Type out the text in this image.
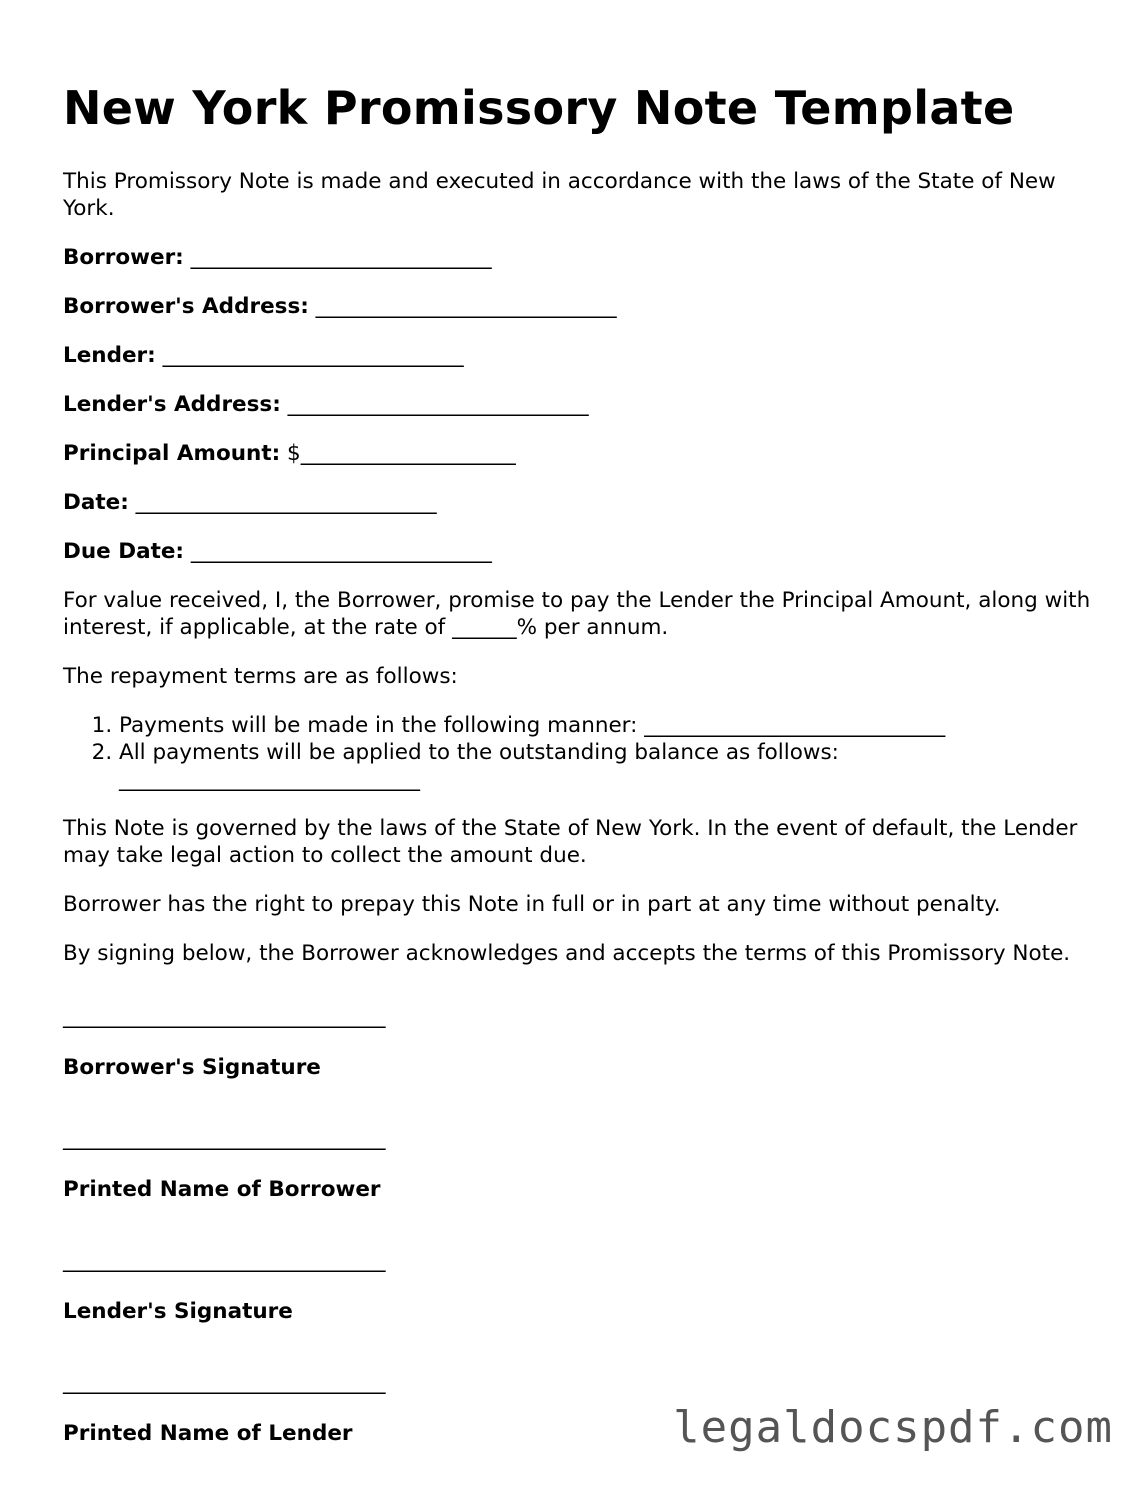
New York Promissory Note Template

This Promissory Note is made and executed in accordance with the laws of the State of New York.

Borrower: ____________________________
Borrower's Address: ____________________________
Lender: ____________________________
Lender's Address: ____________________________
Principal Amount: $____________________
Date: ____________________________
Due Date: ____________________________

For value received, I, the Borrower, promise to pay the Lender the Principal Amount, along with interest, if applicable, at the rate of ______% per annum.

The repayment terms are as follows:

1. Payments will be made in the following manner: ____________________________
2. All payments will be applied to the outstanding balance as follows: ____________________________

This Note is governed by the laws of the State of New York. In the event of default, the Lender may take legal action to collect the amount due.

Borrower has the right to prepay this Note in full or in part at any time without penalty.

By signing below, the Borrower acknowledges and accepts the terms of this Promissory Note.

______________________________
Borrower's Signature
______________________________
Printed Name of Borrower
______________________________
Lender's Signature
______________________________
Printed Name of Lender	legaldocspdf.com
